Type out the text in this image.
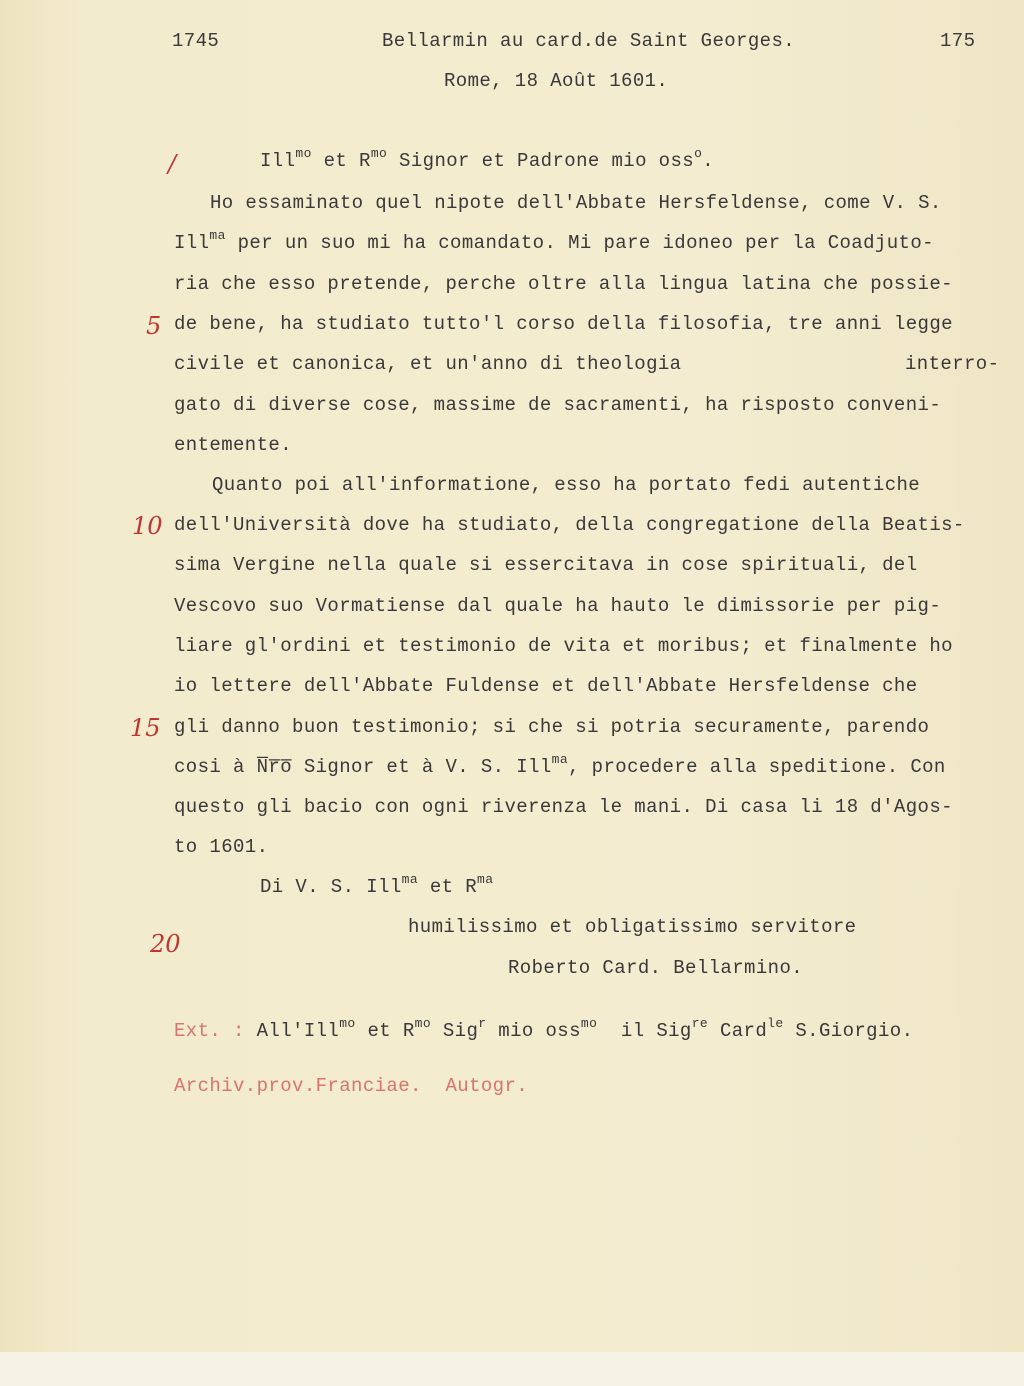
1745	Bellarmin au card.de Saint Georges.	175
Rome, 18 Août 1601.
/
5
10
15
20
Ill$^{mo}$ et $R^{mo}$ Signor et Padrone mio oss$^o$.
Ho essaminato quel nipote dell'Abbate Hersfeldense, come V. S.
Ill$^{ma}$ per un suo mi ha comandato. Mi pare idoneo per la Coadjuto-
ria che esso pretende, perche oltre alla lingua latina che possie-
de bene, ha studiato tutto'l corso della filosofia, tre anni legge
civile et canonica, et un'anno di theologia	interro-
gato di diverse cose, massime de sacramenti, ha risposto conveni-
entemente.
Quanto poi all'informatione, esso ha portato fedi autentiche
dell'Università dove ha studiato, della congregatione della Beatis-
sima Vergine nella quale si essercitava in cose spirituali, del
Vescovo suo Vormatiense dal quale ha hauto le dimissorie per pig-
liare gl'ordini et testimonio de vita et moribus; et finalmente ho
io lettere dell'Abbate Fuldense et dell'Abbate Hersfeldense che
gli danno buon testimonio; si che si potria securamente, parendo
cosi à N̅r̅o̅ Signor et à V. S. Ill$^{ma}$, procedere alla speditione. Con
questo gli bacio con ogni riverenza le mani. Di casa li 18 d'Agos-
to 1601.
Di V. S. Ill$^{ma}$ et $R^{ma}$
humilissimo et obligatissimo servitore
Roberto Card. Bellarmino.
Ext. : All'Ill$^{mo}$ et $R^{mo}$ Sig$^r$ mio oss$^{mo}$  il Sig$^{re}$ Card$^{le}$ S.Giorgio.
Archiv.prov.Franciae. Autogr.
